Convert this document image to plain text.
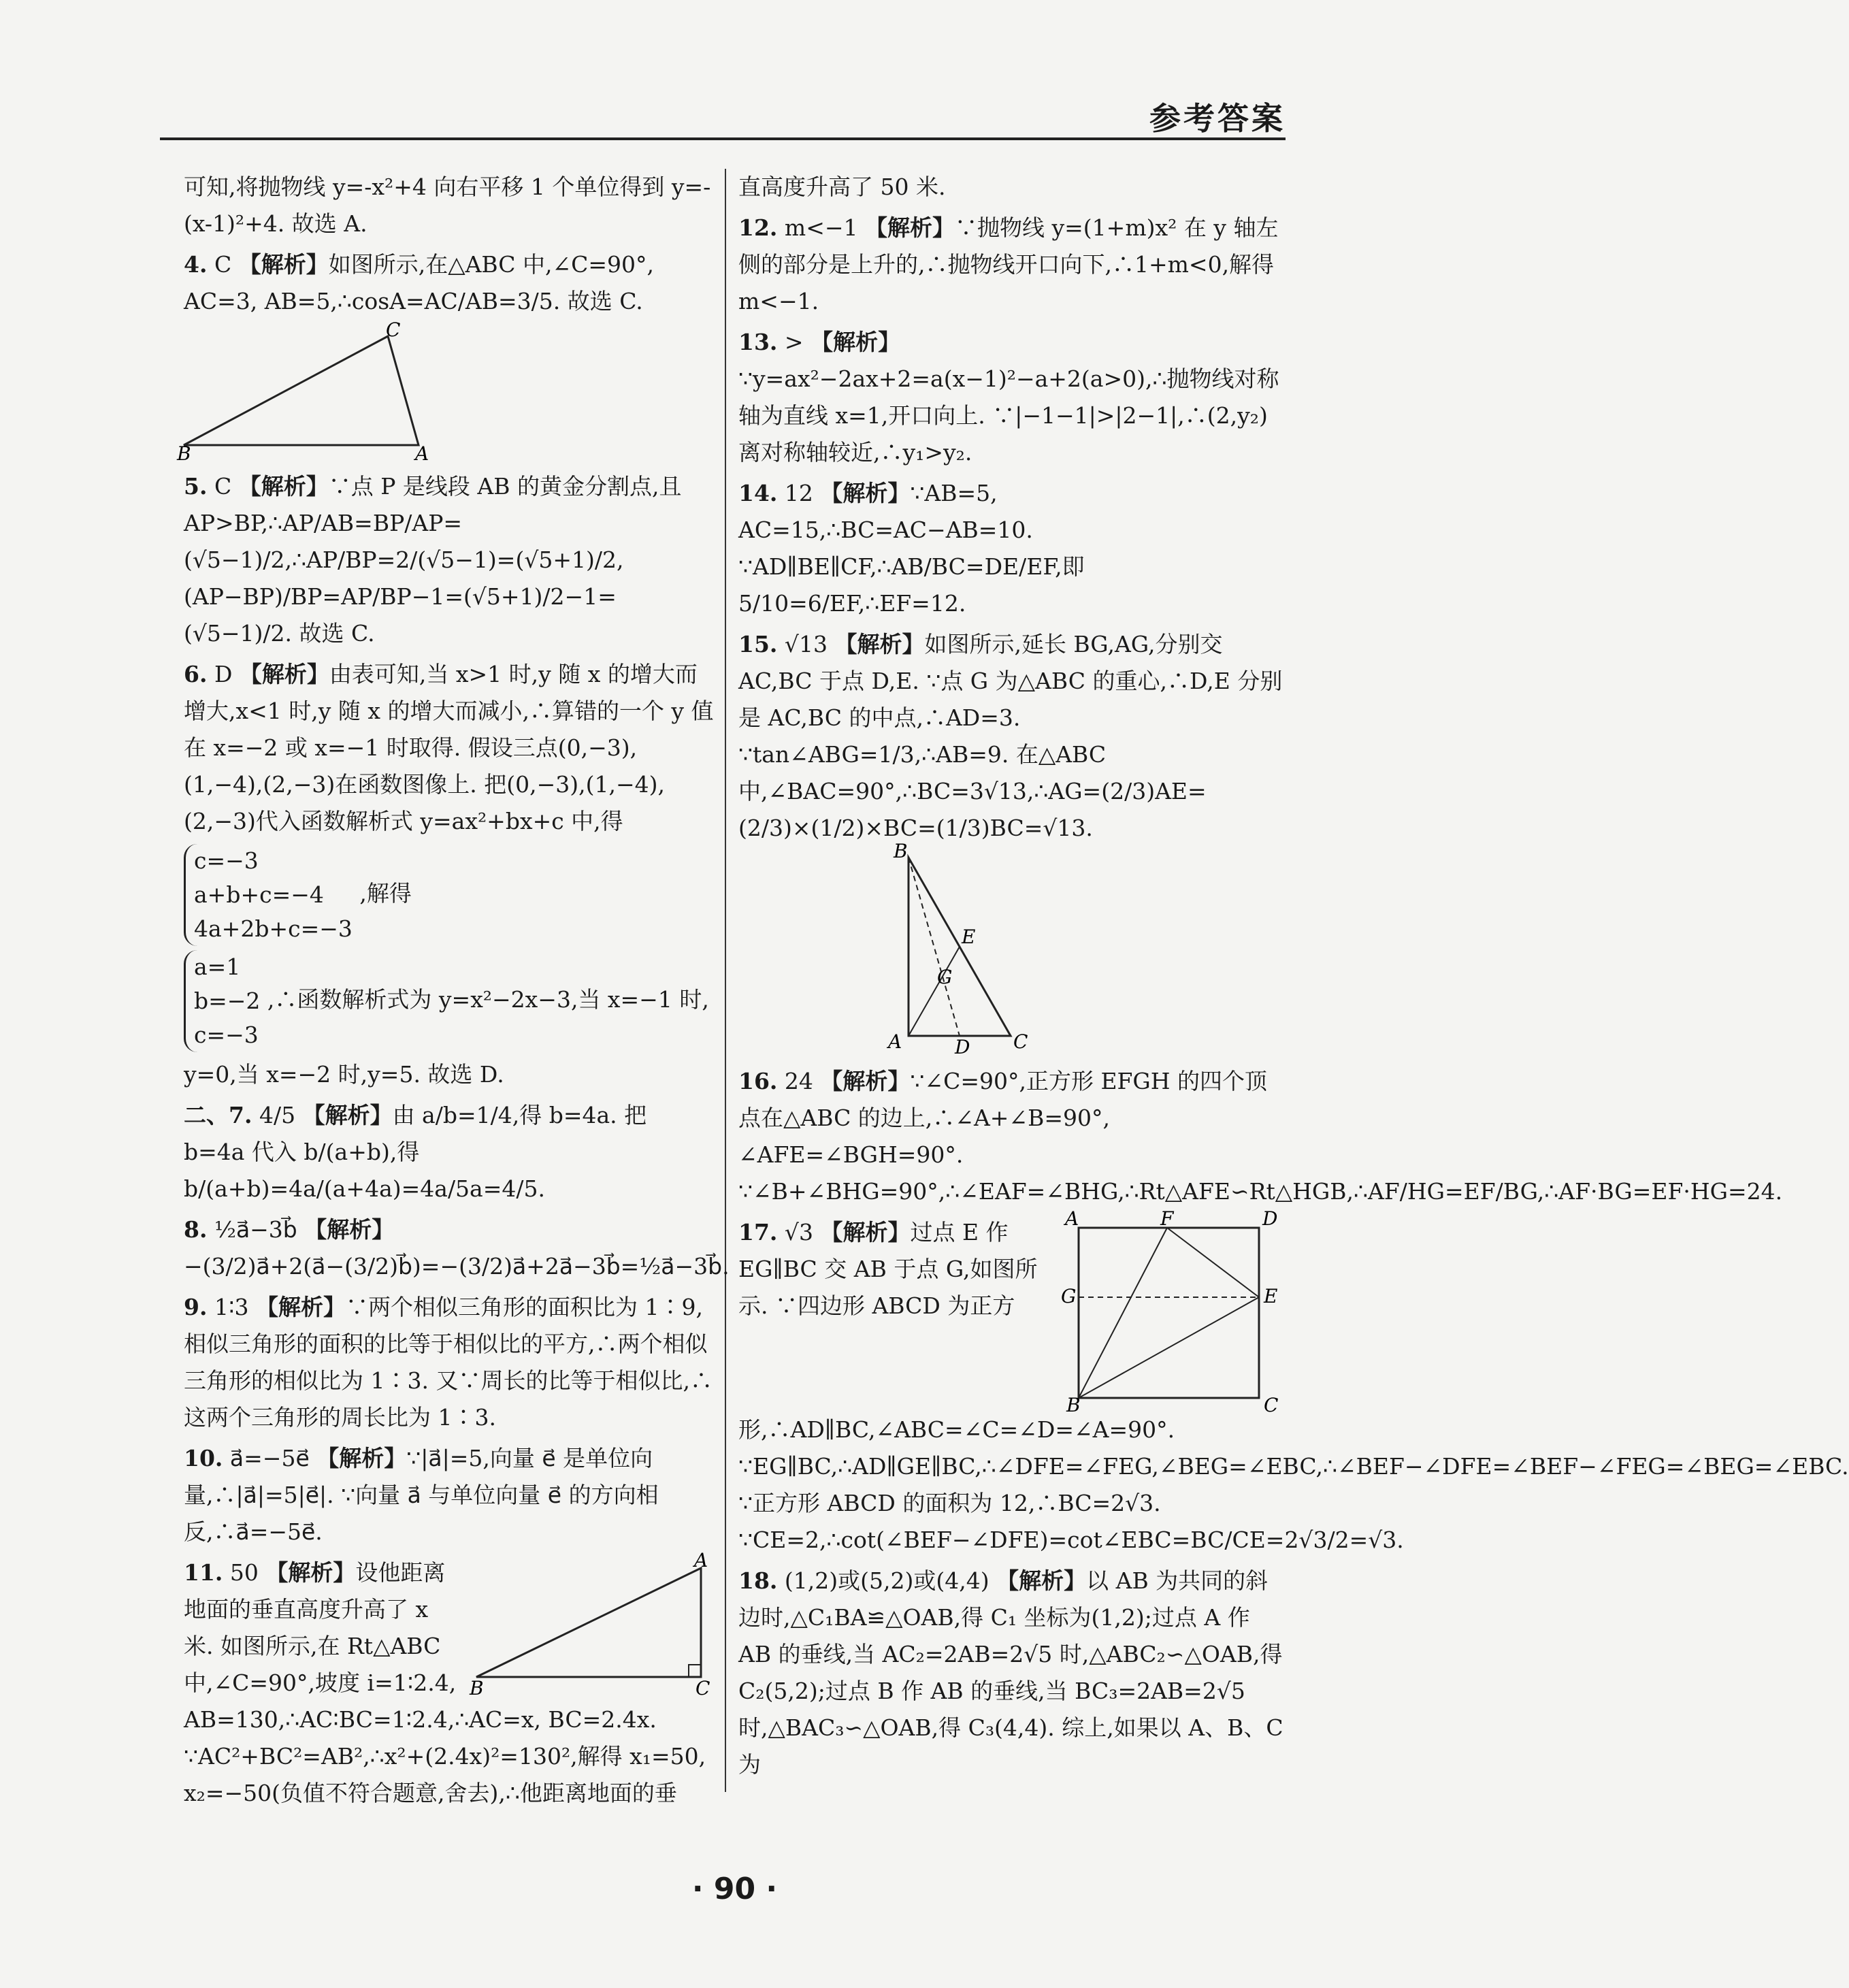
参考答案
可知,将抛物线 y=-x²+4 向右平移 1 个单位得到 y=-(x-1)²+4. 故选 A.
4. C 【解析】如图所示,在△ABC 中,∠C=90°, AC=3, AB=5,∴cosA=AC/AB=3/5. 故选 C.
B
C
A
5. C 【解析】∵点 P 是线段 AB 的黄金分割点,且 AP>BP,∴AP/AB=BP/AP=(√5−1)/2,∴AP/BP=2/(√5−1)=(√5+1)/2, (AP−BP)/BP=AP/BP−1=(√5+1)/2−1=(√5−1)/2. 故选 C.
6. D 【解析】由表可知,当 x>1 时,y 随 x 的增大而增大,x<1 时,y 随 x 的增大而减小,∴算错的一个 y 值在 x=−2 或 x=−1 时取得. 假设三点(0,−3),(1,−4),(2,−3)在函数图像上. 把(0,−3),(1,−4),(2,−3)代入函数解析式 y=ax²+bx+c 中,得
c=−3
a+b+c=−4
4a+2b+c=−3 ,解得
a=1
b=−2
c=−3 ,∴函数解析式为 y=x²−2x−3,当 x=−1 时,
y=0,当 x=−2 时,y=5. 故选 D.
二、7. 4/5 【解析】由 a/b=1/4,得 b=4a. 把 b=4a 代入 b/(a+b),得 b/(a+b)=4a/(a+4a)=4a/5a=4/5.
8. ½a⃗−3b⃗ 【解析】−(3/2)a⃗+2(a⃗−(3/2)b⃗)=−(3/2)a⃗+2a⃗−3b⃗=½a⃗−3b⃗.
9. 1∶3 【解析】∵两个相似三角形的面积比为 1∶9,相似三角形的面积的比等于相似比的平方,∴两个相似三角形的相似比为 1∶3. 又∵周长的比等于相似比,∴这两个三角形的周长比为 1∶3.
10. a⃗=−5e⃗ 【解析】∵|a⃗|=5,向量 e⃗ 是单位向量,∴|a⃗|=5|e⃗|. ∵向量 a⃗ 与单位向量 e⃗ 的方向相反,∴a⃗=−5e⃗.
A
B	C
11. 50 【解析】设他距离地面的垂直高度升高了 x 米. 如图所示,在 Rt△ABC 中,∠C=90°,坡度 i=1∶2.4, AB=130,∴AC∶BC=1∶2.4,∴AC=x, BC=2.4x. ∵AC²+BC²=AB²,∴x²+(2.4x)²=130²,解得 x₁=50, x₂=−50(负值不符合题意,舍去),∴他距离地面的垂
直高度升高了 50 米.
12. m<−1 【解析】∵抛物线 y=(1+m)x² 在 y 轴左侧的部分是上升的,∴抛物线开口向下,∴1+m<0,解得 m<−1.
13. > 【解析】∵y=ax²−2ax+2=a(x−1)²−a+2(a>0),∴抛物线对称轴为直线 x=1,开口向上. ∵|−1−1|>|2−1|,∴(2,y₂)离对称轴较近,∴y₁>y₂.
14. 12 【解析】∵AB=5, AC=15,∴BC=AC−AB=10. ∵AD∥BE∥CF,∴AB/BC=DE/EF,即 5/10=6/EF,∴EF=12.
15. √13 【解析】如图所示,延长 BG,AG,分别交 AC,BC 于点 D,E. ∵点 G 为△ABC 的重心,∴D,E 分别是 AC,BC 的中点,∴AD=3. ∵tan∠ABG=1/3,∴AB=9. 在△ABC 中,∠BAC=90°,∴BC=3√13,∴AG=(2/3)AE=(2/3)×(1/2)×BC=(1/3)BC=√13.
B
E
G
A	D C
16. 24 【解析】∵∠C=90°,正方形 EFGH 的四个顶点在△ABC 的边上,∴∠A+∠B=90°, ∠AFE=∠BGH=90°. ∵∠B+∠BHG=90°,∴∠EAF=∠BHG,∴Rt△AFE∽Rt△HGB,∴AF/HG=EF/BG,∴AF·BG=EF·HG=24.
A	F	D
G	E
B	C
17. √3 【解析】过点 E 作 EG∥BC 交 AB 于点 G,如图所示. ∵四边形 ABCD 为正方形,∴AD∥BC,∠ABC=∠C=∠D=∠A=90°. ∵EG∥BC,∴AD∥GE∥BC,∴∠DFE=∠FEG,∠BEG=∠EBC,∴∠BEF−∠DFE=∠BEF−∠FEG=∠BEG=∠EBC. ∵正方形 ABCD 的面积为 12,∴BC=2√3. ∵CE=2,∴cot(∠BEF−∠DFE)=cot∠EBC=BC/CE=2√3/2=√3.
18. (1,2)或(5,2)或(4,4) 【解析】以 AB 为共同的斜边时,△C₁BA≌△OAB,得 C₁ 坐标为(1,2);过点 A 作 AB 的垂线,当 AC₂=2AB=2√5 时,△ABC₂∽△OAB,得 C₂(5,2);过点 B 作 AB 的垂线,当 BC₃=2AB=2√5 时,△BAC₃∽△OAB,得 C₃(4,4). 综上,如果以 A、B、C 为
· 90 ·
